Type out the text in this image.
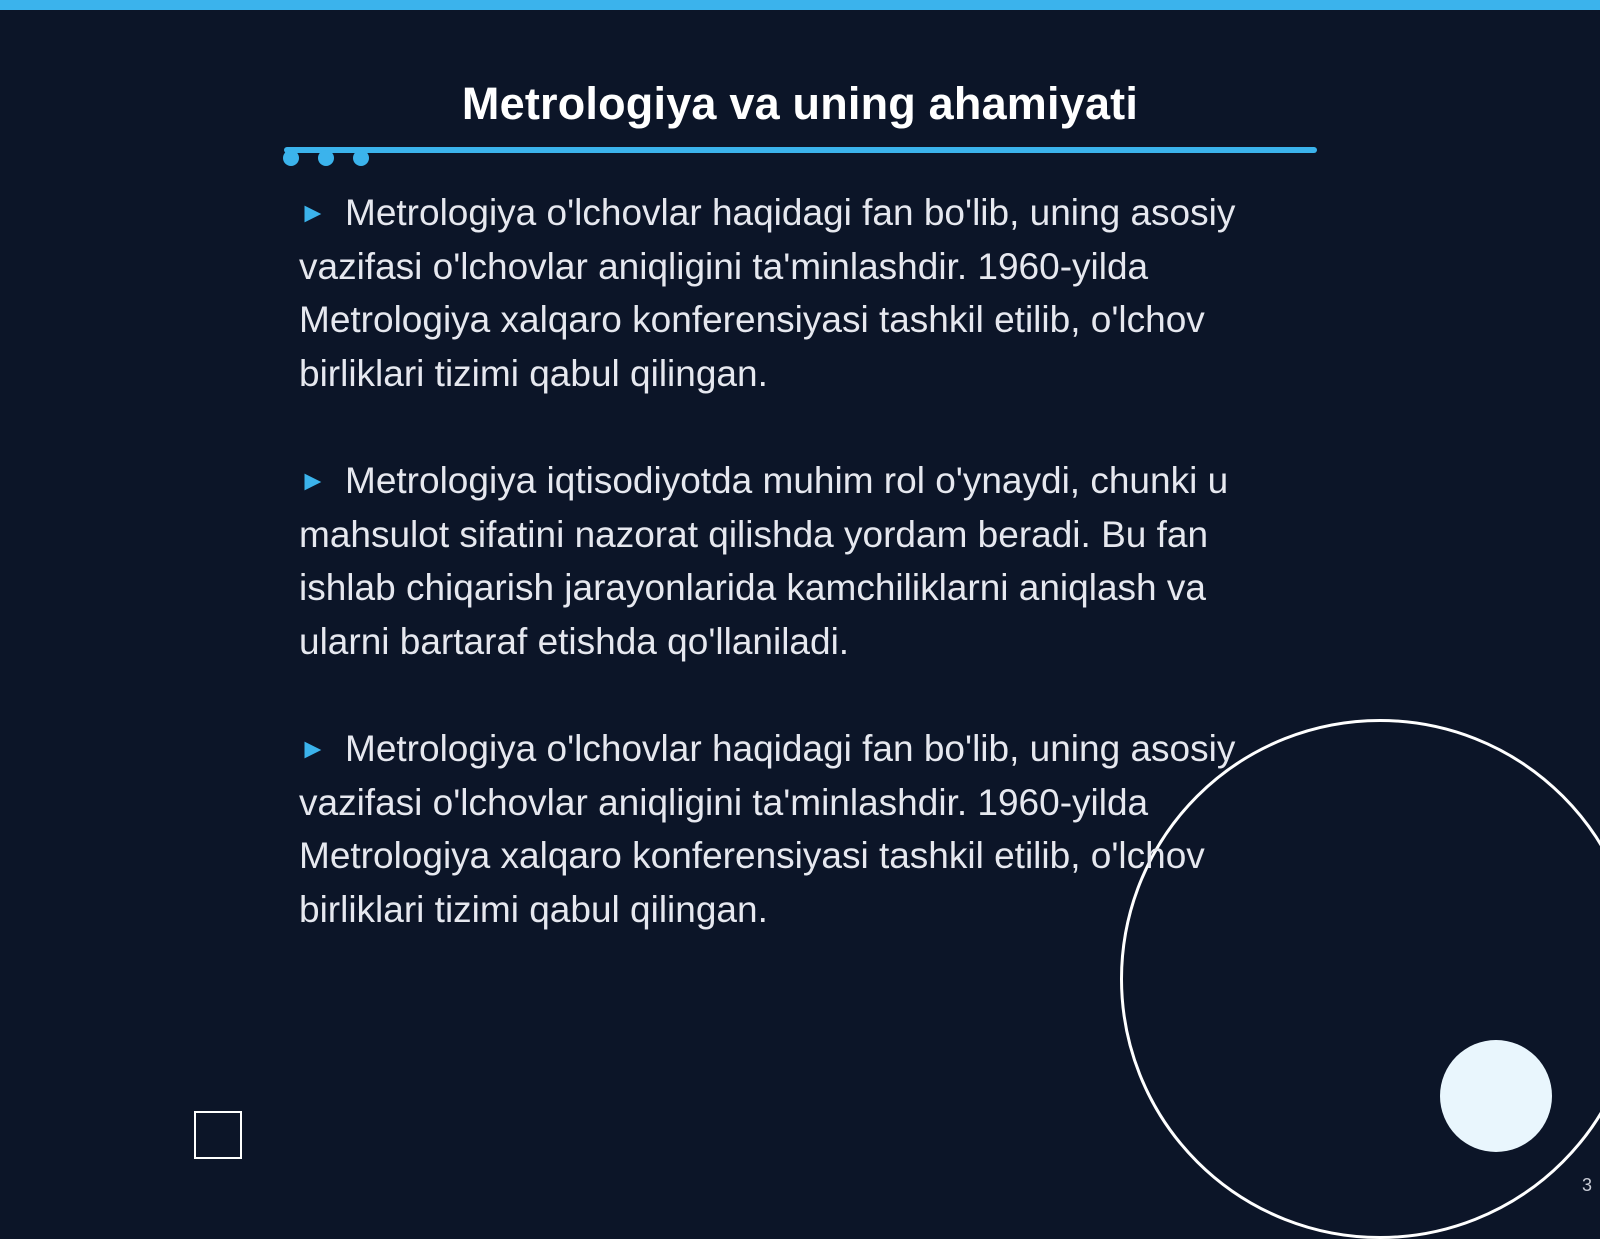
Metrologiya va uning ahamiyati

► Metrologiya o'lchovlar haqidagi fan bo'lib, uning asosiy vazifasi o'lchovlar aniqligini ta'minlashdir. 1960-yilda Metrologiya xalqaro konferensiyasi tashkil etilib, o'lchov birliklari tizimi qabul qilingan.

► Metrologiya iqtisodiyotda muhim rol o'ynaydi, chunki u mahsulot sifatini nazorat qilishda yordam beradi. Bu fan ishlab chiqarish jarayonlarida kamchiliklarni aniqlash va ularni bartaraf etishda qo'llaniladi.

► Metrologiya o'lchovlar haqidagi fan bo'lib, uning asosiy vazifasi o'lchovlar aniqligini ta'minlashdir. 1960-yilda Metrologiya xalqaro konferensiyasi tashkil etilib, o'lchov birliklari tizimi qabul qilingan.

3
